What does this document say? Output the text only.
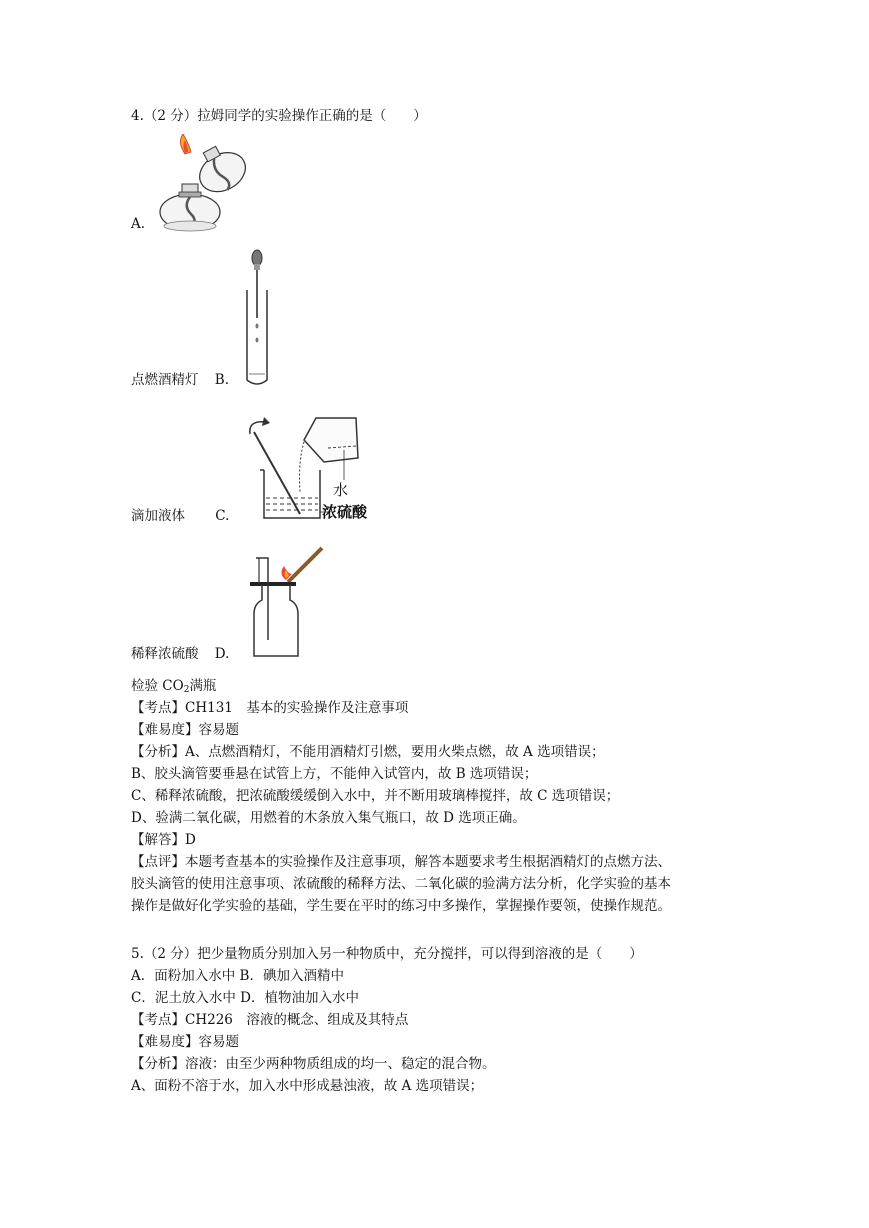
4.（2 分）拉姆同学的实验操作正确的是（　　）
A.
点燃酒精灯 B.
水
浓硫酸
滴加液体 C.
稀释浓硫酸 D.
检验 $CO_2$满瓶
【考点】CH131　基本的实验操作及注意事项
【难易度】容易题
【分析】A、点燃酒精灯，不能用酒精灯引燃，要用火柴点燃，故 A 选项错误；
B、胶头滴管要垂悬在试管上方，不能伸入试管内，故 B 选项错误；
C、稀释浓硫酸，把浓硫酸缓缓倒入水中，并不断用玻璃棒搅拌，故 C 选项错误；
D、验满二氧化碳，用燃着的木条放入集气瓶口，故 D 选项正确。
【解答】D
【点评】本题考查基本的实验操作及注意事项，解答本题要求考生根据酒精灯的点燃方法、
胶头滴管的使用注意事项、浓硫酸的稀释方法、二氧化碳的验满方法分析，化学实验的基本
操作是做好化学实验的基础，学生要在平时的练习中多操作，掌握操作要领，使操作规范。
5.（2 分）把少量物质分别加入另一种物质中，充分搅拌，可以得到溶液的是（　　）
A．面粉加入水中 B．碘加入酒精中
C．泥土放入水中 D．植物油加入水中
【考点】CH226　溶液的概念、组成及其特点
【难易度】容易题
【分析】溶液：由至少两种物质组成的均一、稳定的混合物。
A、面粉不溶于水，加入水中形成悬浊液，故 A 选项错误；
